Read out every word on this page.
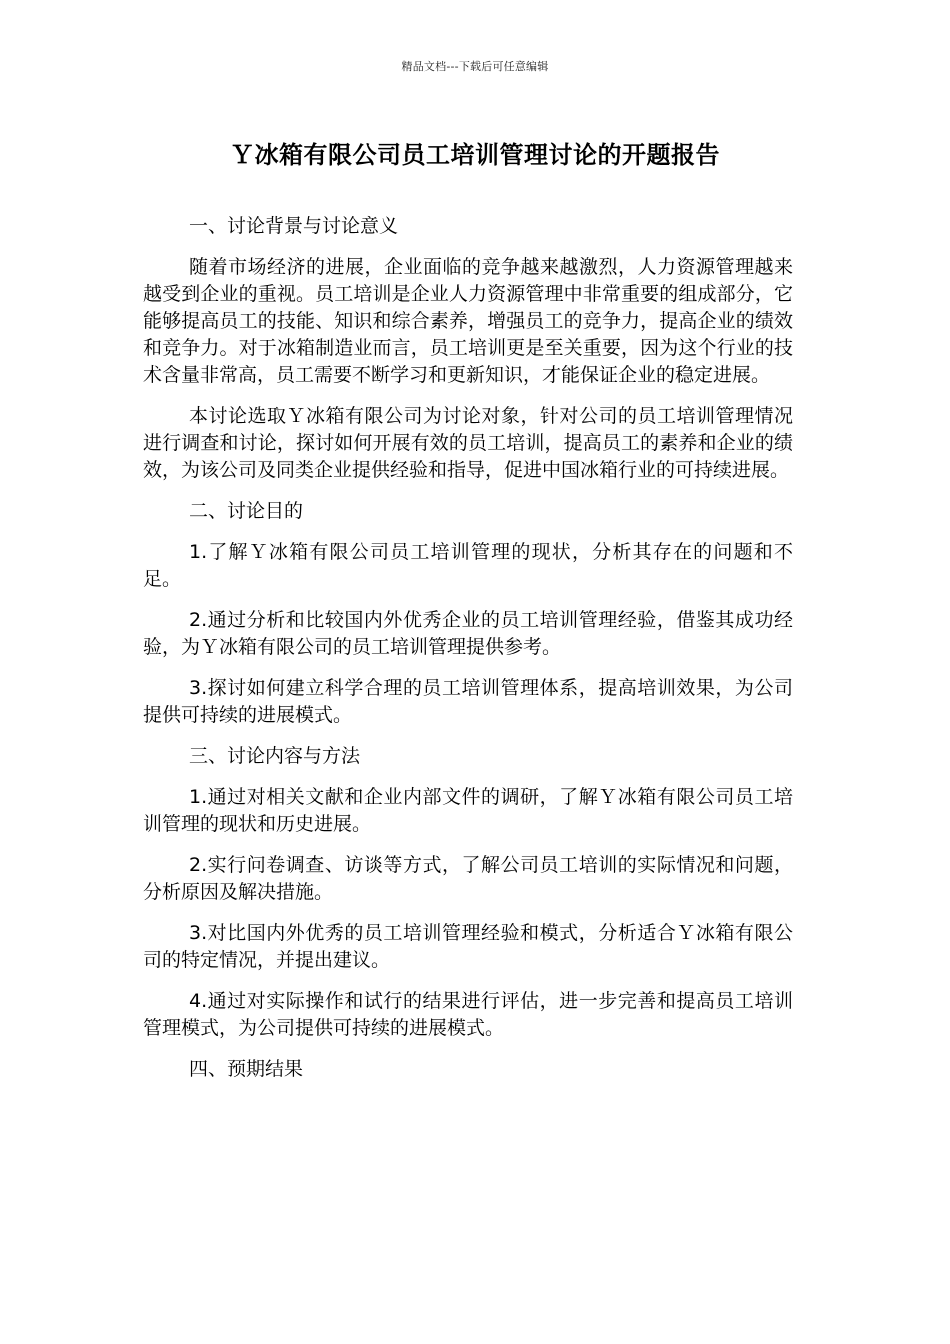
精品文档---下载后可任意编辑
Ｙ冰箱有限公司员工培训管理讨论的开题报告
一、讨论背景与讨论意义

随着市场经济的进展，企业面临的竞争越来越激烈，人力资源管理越来越受到企业的重视。员工培训是企业人力资源管理中非常重要的组成部分，它能够提高员工的技能、知识和综合素养，增强员工的竞争力，提高企业的绩效和竞争力。对于冰箱制造业而言，员工培训更是至关重要，因为这个行业的技术含量非常高，员工需要不断学习和更新知识，才能保证企业的稳定进展。

本讨论选取Ｙ冰箱有限公司为讨论对象，针对公司的员工培训管理情况进行调查和讨论，探讨如何开展有效的员工培训，提高员工的素养和企业的绩效，为该公司及同类企业提供经验和指导，促进中国冰箱行业的可持续进展。

二、讨论目的

1.了解Ｙ冰箱有限公司员工培训管理的现状，分析其存在的问题和不足。

2.通过分析和比较国内外优秀企业的员工培训管理经验，借鉴其成功经验，为Ｙ冰箱有限公司的员工培训管理提供参考。

3.探讨如何建立科学合理的员工培训管理体系，提高培训效果，为公司提供可持续的进展模式。

三、讨论内容与方法

1.通过对相关文献和企业内部文件的调研，了解Ｙ冰箱有限公司员工培训管理的现状和历史进展。

2.实行问卷调查、访谈等方式，了解公司员工培训的实际情况和问题，分析原因及解决措施。

3.对比国内外优秀的员工培训管理经验和模式，分析适合Ｙ冰箱有限公司的特定情况，并提出建议。

4.通过对实际操作和试行的结果进行评估，进一步完善和提高员工培训管理模式，为公司提供可持续的进展模式。

四、预期结果
